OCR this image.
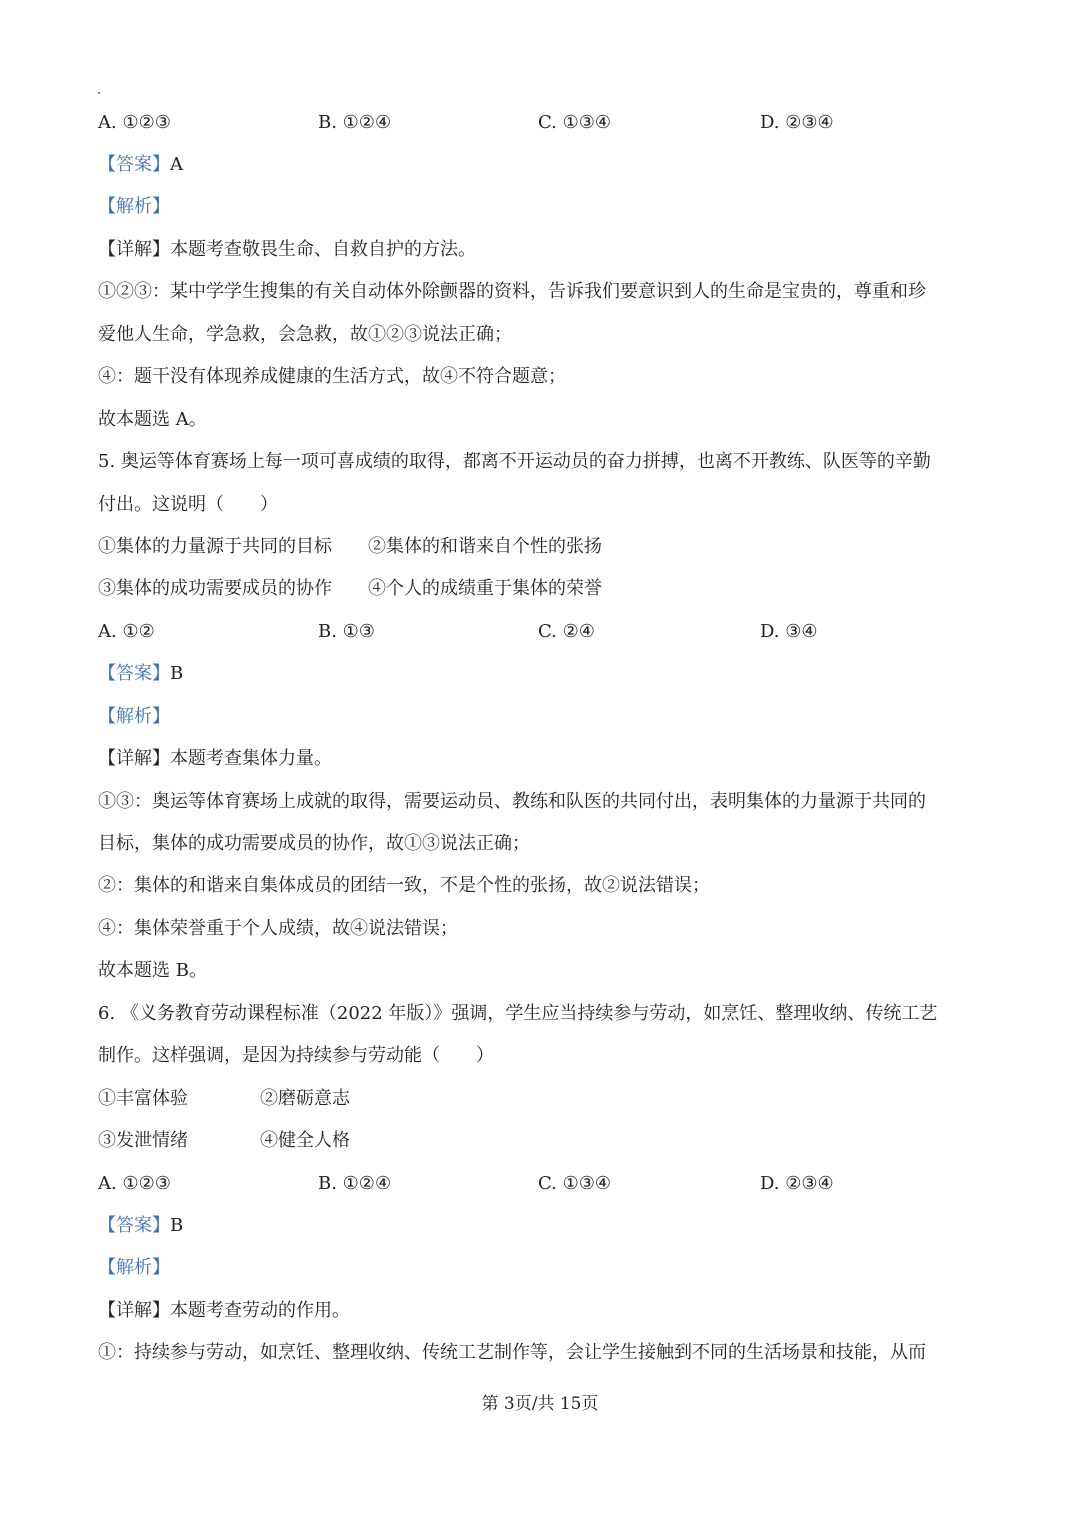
A. ①②③	B. ①②④	C. ①③④	D. ②③④
【答案】A
【解析】
【详解】本题考查敬畏生命、自救自护的方法。
①②③：某中学学生搜集的有关自动体外除颤器的资料，告诉我们要意识到人的生命是宝贵的，尊重和珍
爱他人生命，学急救，会急救，故①②③说法正确；
④：题干没有体现养成健康的生活方式，故④不符合题意；
故本题选 A。
5. 奥运等体育赛场上每一项可喜成绩的取得，都离不开运动员的奋力拼搏，也离不开教练、队医等的辛勤
付出。这说明（　　）
①集体的力量源于共同的目标　　②集体的和谐来自个性的张扬
③集体的成功需要成员的协作　　④个人的成绩重于集体的荣誉
A. ①②	B. ①③	C. ②④	D. ③④
【答案】B
【解析】
【详解】本题考查集体力量。
①③：奥运等体育赛场上成就的取得，需要运动员、教练和队医的共同付出，表明集体的力量源于共同的
目标，集体的成功需要成员的协作，故①③说法正确；
②：集体的和谐来自集体成员的团结一致，不是个性的张扬，故②说法错误；
④：集体荣誉重于个人成绩，故④说法错误；
故本题选 B。
6. 《义务教育劳动课程标准（2022 年版）》强调，学生应当持续参与劳动，如烹饪、整理收纳、传统工艺
制作。这样强调，是因为持续参与劳动能（　　）
①丰富体验　　　　②磨砺意志
③发泄情绪　　　　④健全人格
A. ①②③	B. ①②④	C. ①③④	D. ②③④
【答案】B
【解析】
【详解】本题考查劳动的作用。
①：持续参与劳动，如烹饪、整理收纳、传统工艺制作等，会让学生接触到不同的生活场景和技能，从而
第 3页/共 15页
